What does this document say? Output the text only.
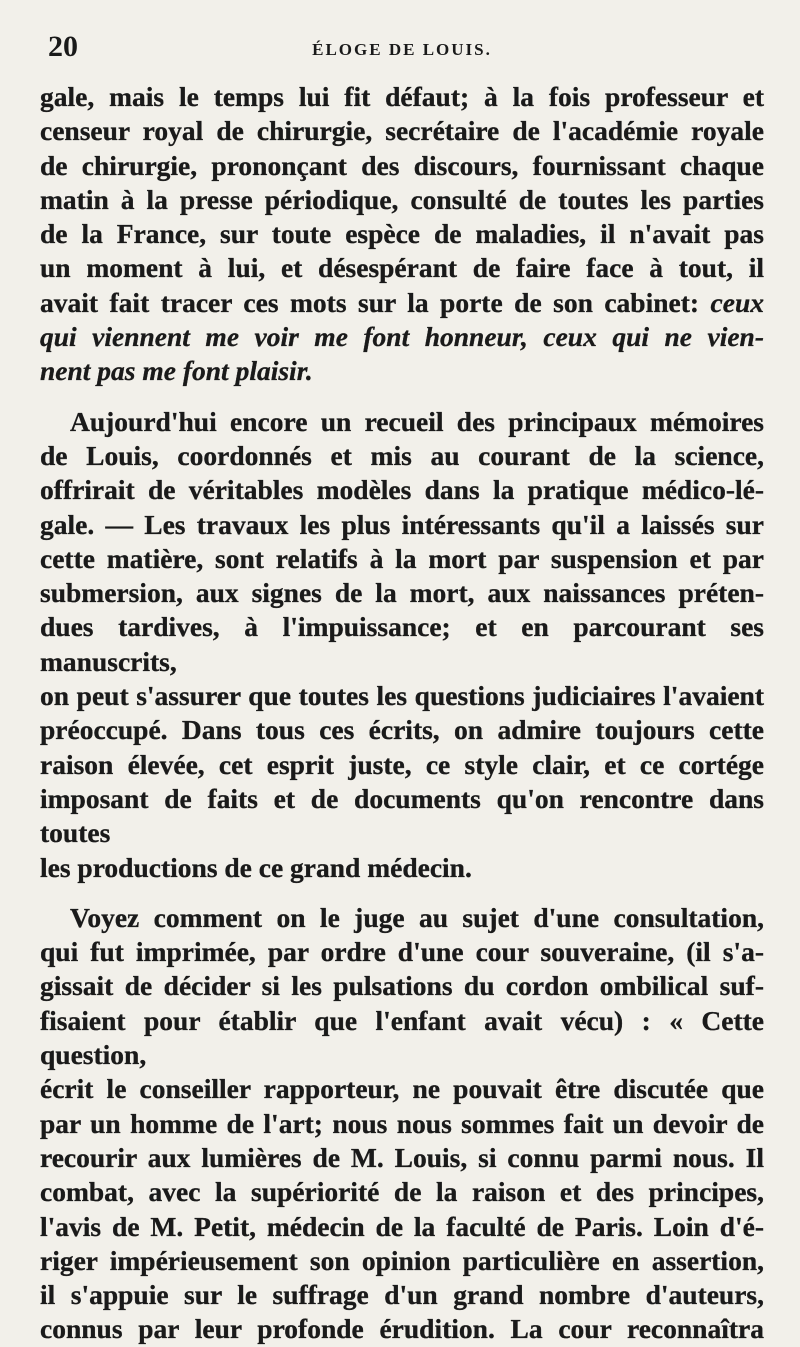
20	ÉLOGE DE LOUIS.

gale, mais le temps lui fit défaut; à la fois professeur et
censeur royal de chirurgie, secrétaire de l'académie royale
de chirurgie, prononçant des discours, fournissant chaque
matin à la presse périodique, consulté de toutes les parties
de la France, sur toute espèce de maladies, il n'avait pas
un moment à lui, et désespérant de faire face à tout, il
avait fait tracer ces mots sur la porte de son cabinet: ceux
qui viennent me voir me font honneur, ceux qui ne vien-
nent pas me font plaisir.

Aujourd'hui encore un recueil des principaux mémoires
de Louis, coordonnés et mis au courant de la science,
offrirait de véritables modèles dans la pratique médico-lé-
gale. — Les travaux les plus intéressants qu'il a laissés sur
cette matière, sont relatifs à la mort par suspension et par
submersion, aux signes de la mort, aux naissances préten-
dues tardives, à l'impuissance; et en parcourant ses manuscrits,
on peut s'assurer que toutes les questions judiciaires l'avaient
préoccupé. Dans tous ces écrits, on admire toujours cette
raison élevée, cet esprit juste, ce style clair, et ce cortége
imposant de faits et de documents qu'on rencontre dans toutes
les productions de ce grand médecin.

Voyez comment on le juge au sujet d'une consultation,
qui fut imprimée, par ordre d'une cour souveraine, (il s'a-
gissait de décider si les pulsations du cordon ombilical suf-
fisaient pour établir que l'enfant avait vécu) : « Cette question,
écrit le conseiller rapporteur, ne pouvait être discutée que
par un homme de l'art; nous nous sommes fait un devoir de
recourir aux lumières de M. Louis, si connu parmi nous. Il
combat, avec la supériorité de la raison et des principes,
l'avis de M. Petit, médecin de la faculté de Paris. Loin d'é-
riger impérieusement son opinion particulière en assertion,
il s'appuie sur le suffrage d'un grand nombre d'auteurs,
connus par leur profonde érudition. La cour reconnaîtra
